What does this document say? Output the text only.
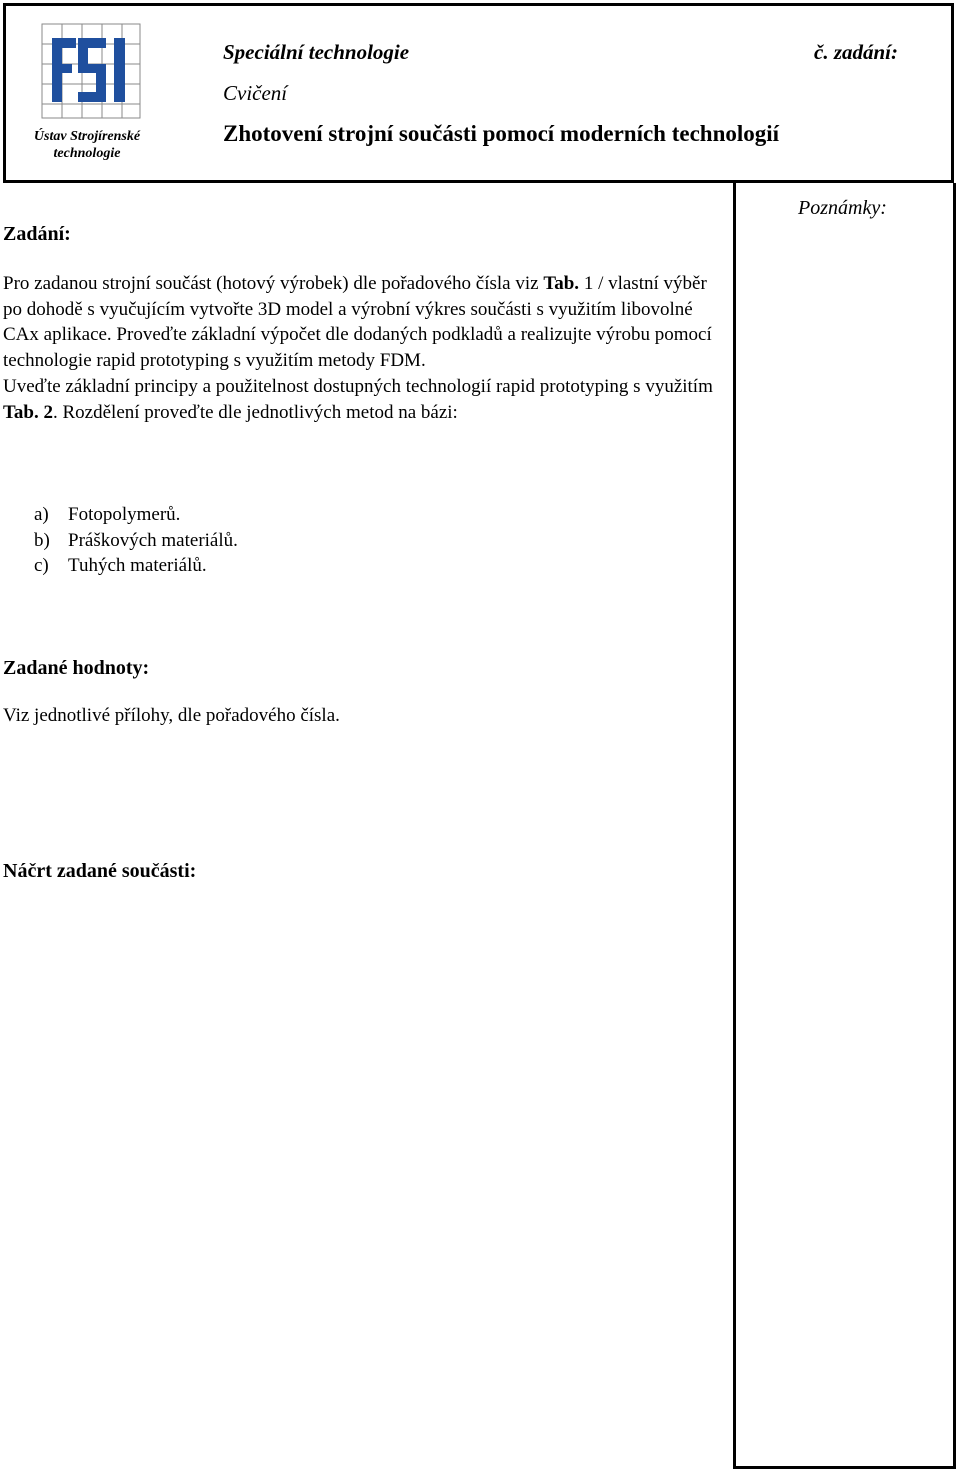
Ústav Strojírenské
technologie
Speciální technologie	č. zadání:
Cvičení
Zhotovení strojní součásti pomocí moderních technologií
Poznámky:
Zadání:
Pro zadanou strojní součást (hotový výrobek) dle pořadového čísla viz Tab. 1 / vlastní výběr po dohodě s vyučujícím vytvořte 3D model a výrobní výkres součásti s využitím libovolné CAx aplikace. Proveďte základní výpočet dle dodaných podkladů a realizujte výrobu pomocí technologie rapid prototyping s využitím metody FDM.
Uveďte základní principy a použitelnost dostupných technologií rapid prototyping s využitím Tab. 2. Rozdělení proveďte dle jednotlivých metod na bázi:
a)	Fotopolymerů.
b) Práškových materiálů.
c)	Tuhých materiálů.
Zadané hodnoty:
Viz jednotlivé přílohy, dle pořadového čísla.
Náčrt zadané součásti:
